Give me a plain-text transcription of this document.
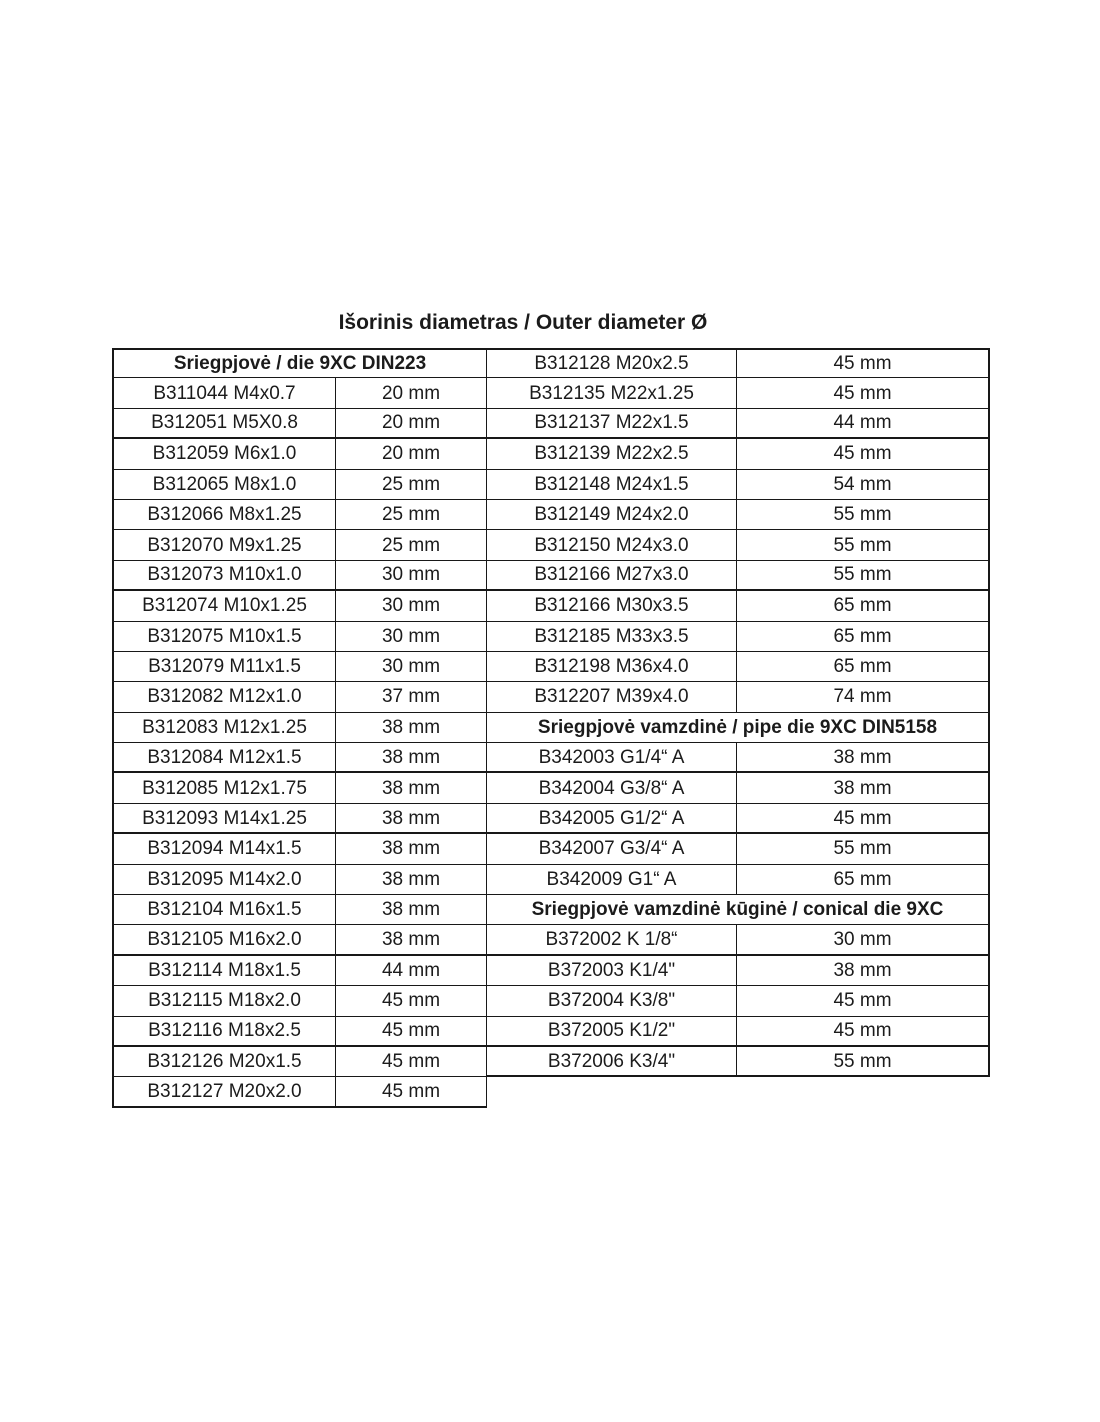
Išorinis diametras / Outer diameter Ø
Sriegpjovė / die 9XC DIN223	B312128 M20x2.5	45 mm
B311044 M4x0.7	20 mm	B312135 M22x1.25	45 mm
B312051 M5X0.8	20 mm	B312137 M22x1.5	44 mm
B312059 M6x1.0	20 mm	B312139 M22x2.5	45 mm
B312065 M8x1.0	25 mm	B312148 M24x1.5	54 mm
B312066 M8x1.25	25 mm	B312149 M24x2.0	55 mm
B312070 M9x1.25	25 mm	B312150 M24x3.0	55 mm
B312073 M10x1.0	30 mm	B312166 M27x3.0	55 mm
B312074 M10x1.25	30 mm	B312166 M30x3.5	65 mm
B312075 M10x1.5	30 mm	B312185 M33x3.5	65 mm
B312079 M11x1.5	30 mm	B312198 M36x4.0	65 mm
B312082 M12x1.0	37 mm	B312207 M39x4.0	74 mm
B312083 M12x1.25	38 mm	Sriegpjovė vamzdinė / pipe die 9XC DIN5158
B312084 M12x1.5	38 mm	B342003 G1/4“ A	38 mm
B312085 M12x1.75	38 mm	B342004 G3/8“ A	38 mm
B312093 M14x1.25	38 mm	B342005 G1/2“ A	45 mm
B312094 M14x1.5	38 mm	B342007 G3/4“ A	55 mm
B312095 M14x2.0	38 mm	B342009 G1“ A	65 mm
B312104 M16x1.5	38 mm	Sriegpjovė vamzdinė kūginė / conical die 9XC
B312105 M16x2.0	38 mm	B372002 K 1/8“	30 mm
B312114 M18x1.5	44 mm	B372003 K1/4"	38 mm
B312115 M18x2.0	45 mm	B372004 K3/8"	45 mm
B312116 M18x2.5	45 mm	B372005 K1/2"	45 mm
B312126 M20x1.5	45 mm	B372006 K3/4"	55 mm
B312127 M20x2.0	45 mm
